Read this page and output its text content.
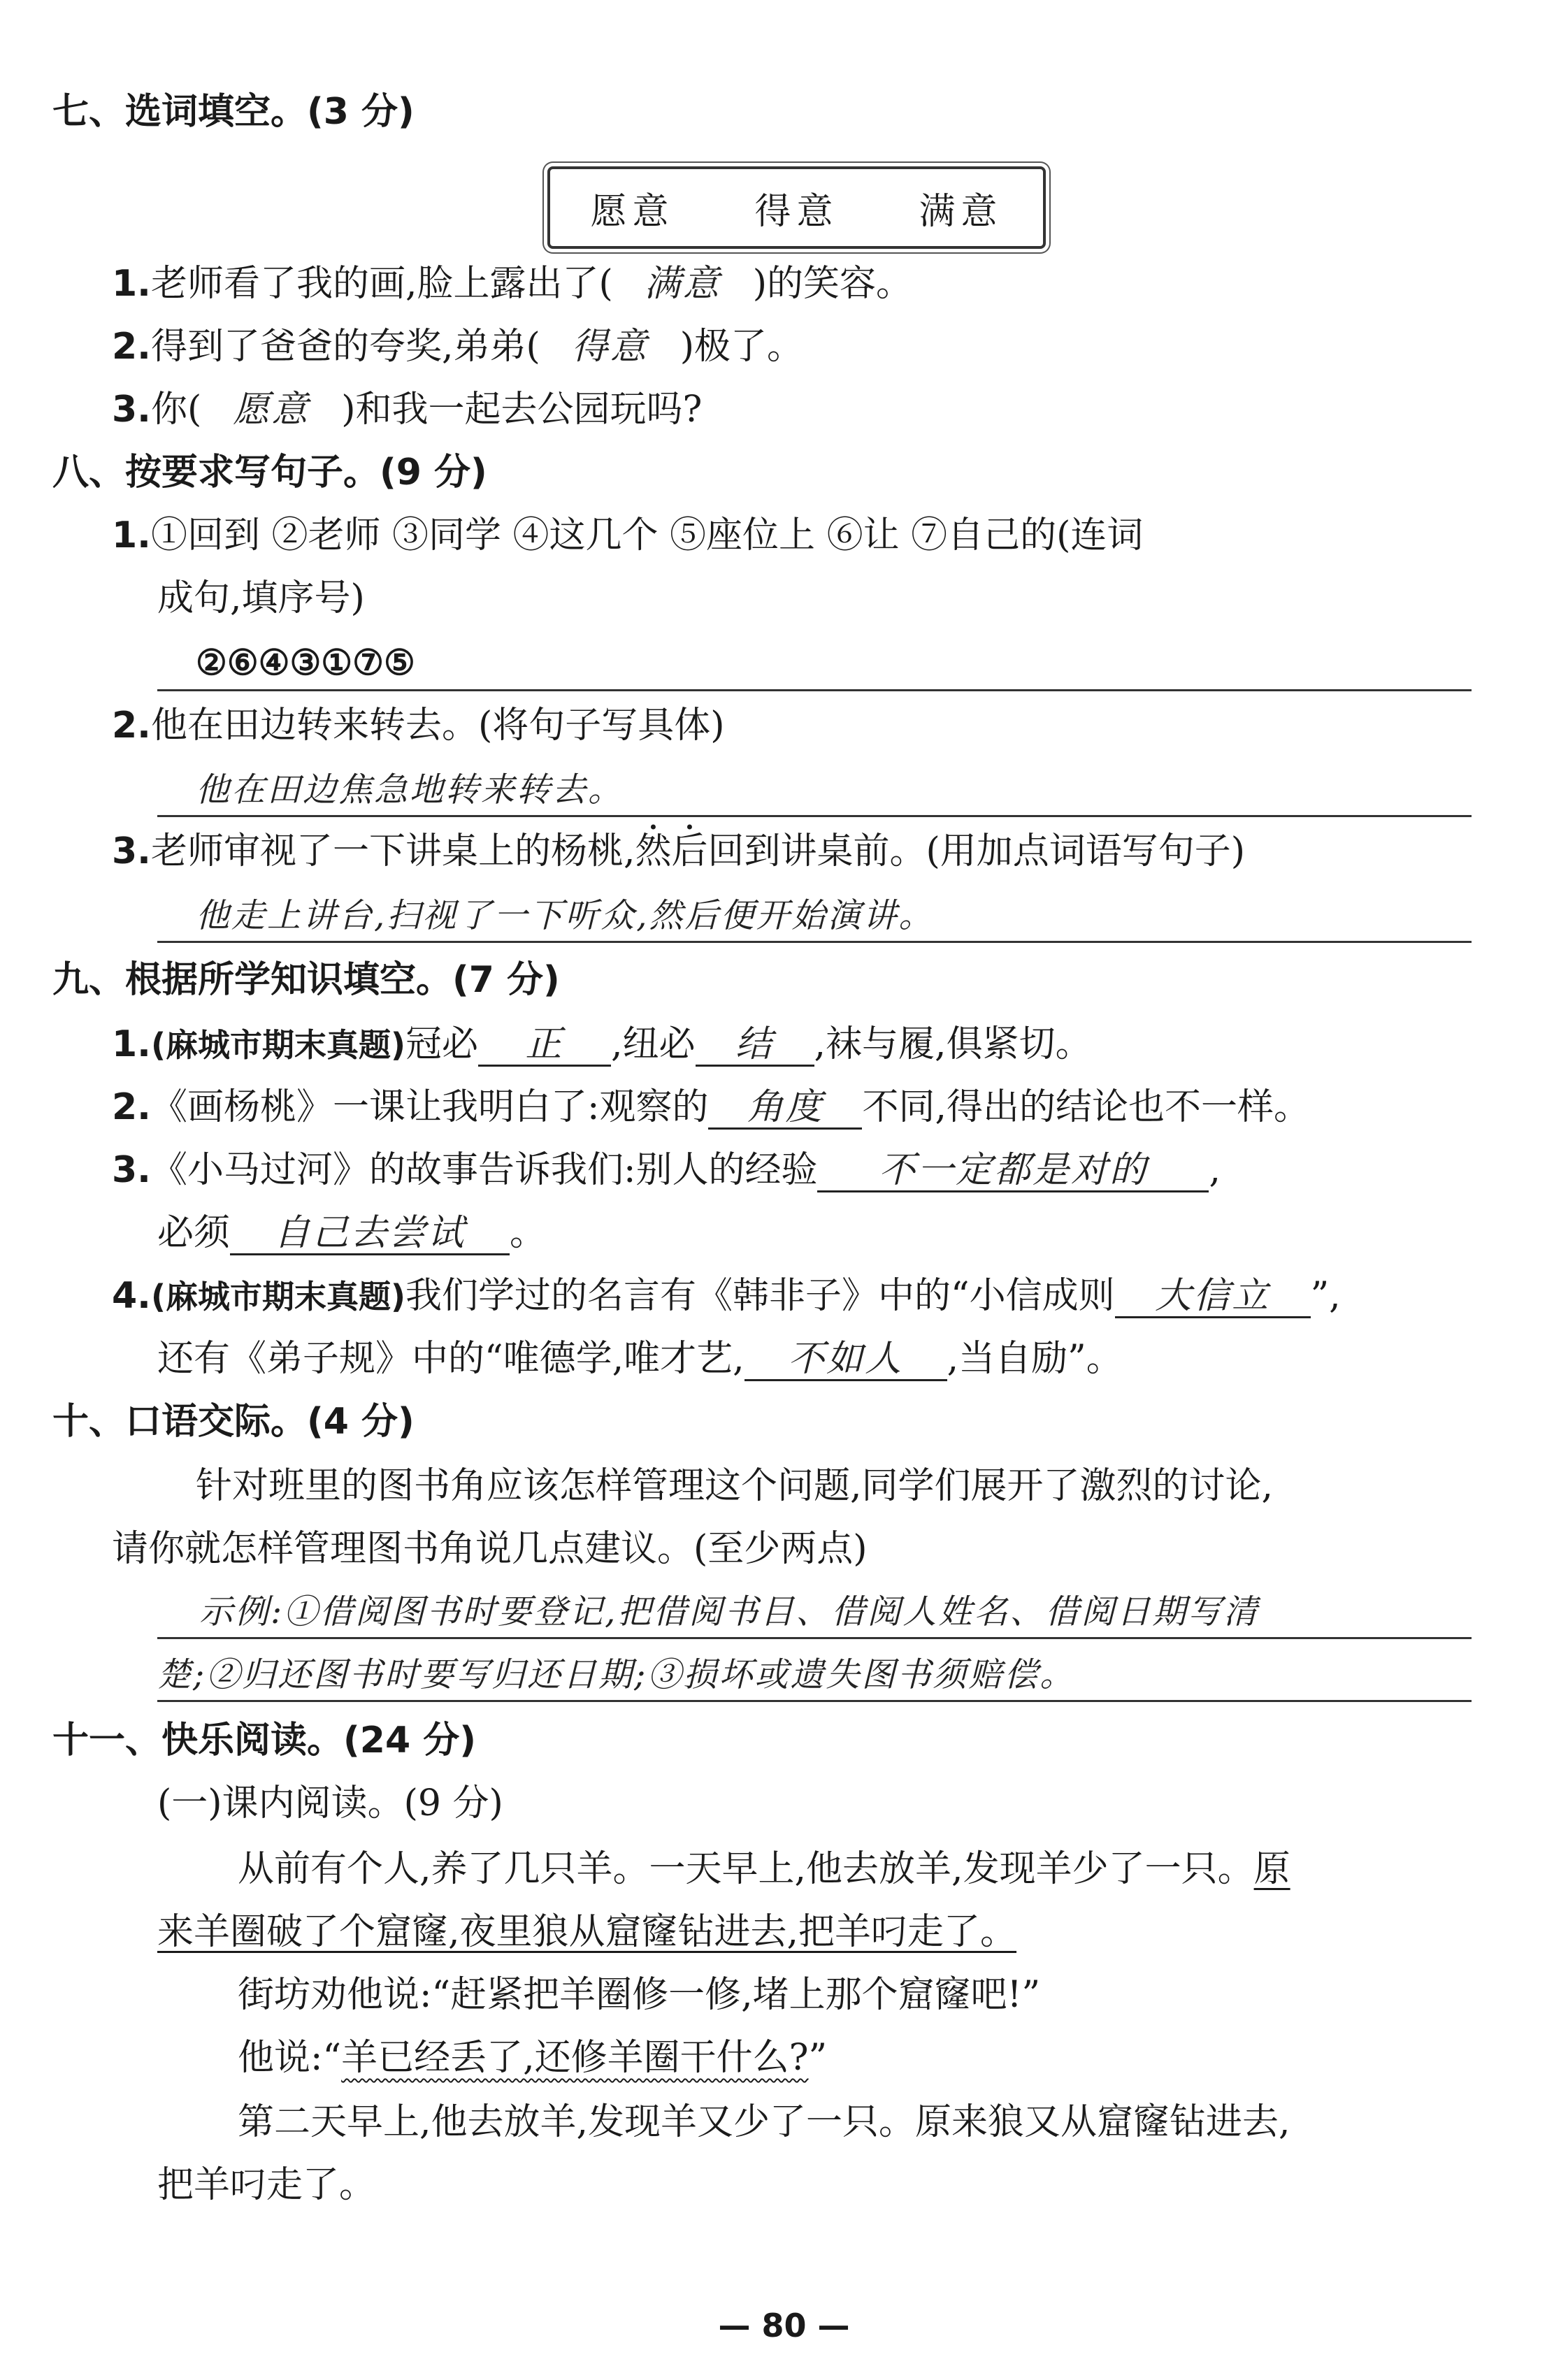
七、选词填空。(3 分)
愿意 得意 满意
1.老师看了我的画,脸上露出了( 满意 )的笑容。
2.得到了爸爸的夸奖,弟弟( 得意 )极了。
3.你( 愿意 )和我一起去公园玩吗?
八、按要求写句子。(9 分)
1.①回到 ②老师 ③同学 ④这几个 ⑤座位上 ⑥让 ⑦自己的(连词
成句,填序号)
②⑥④③①⑦⑤
2.他在田边转来转去。(将句子写具体)
他在田边焦急地转来转去。
3.老师审视了一下讲桌上的杨桃,然后回到讲桌前。(用加点词语写句子)
他走上讲台,扫视了一下听众,然后便开始演讲。
九、根据所学知识填空。(7 分)
1.(麻城市期末真题)冠必 正 ,纽必 结 ,袜与履,俱紧切。
2.《画杨桃》一课让我明白了:观察的 角度 不同,得出的结论也不一样。
3.《小马过河》的故事告诉我们:别人的经验 不一定都是对的 ,
必须 自己去尝试 。
4.(麻城市期末真题)我们学过的名言有《韩非子》中的“小信成则 大信立 ”,
还有《弟子规》中的“唯德学,唯才艺, 不如人 ,当自励”。
十、口语交际。(4 分)
针对班里的图书角应该怎样管理这个问题,同学们展开了激烈的讨论,
请你就怎样管理图书角说几点建议。(至少两点)
示例:①借阅图书时要登记,把借阅书目、借阅人姓名、借阅日期写清
楚;②归还图书时要写归还日期;③损坏或遗失图书须赔偿。
十一、快乐阅读。(24 分)
(一)课内阅读。(9 分)
从前有个人,养了几只羊。一天早上,他去放羊,发现羊少了一只。原
来羊圈破了个窟窿,夜里狼从窟窿钻进去,把羊叼走了。
街坊劝他说:“赶紧把羊圈修一修,堵上那个窟窿吧!”
他说:“羊已经丢了,还修羊圈干什么?”
第二天早上,他去放羊,发现羊又少了一只。原来狼又从窟窿钻进去,
把羊叼走了。
— 80 —
